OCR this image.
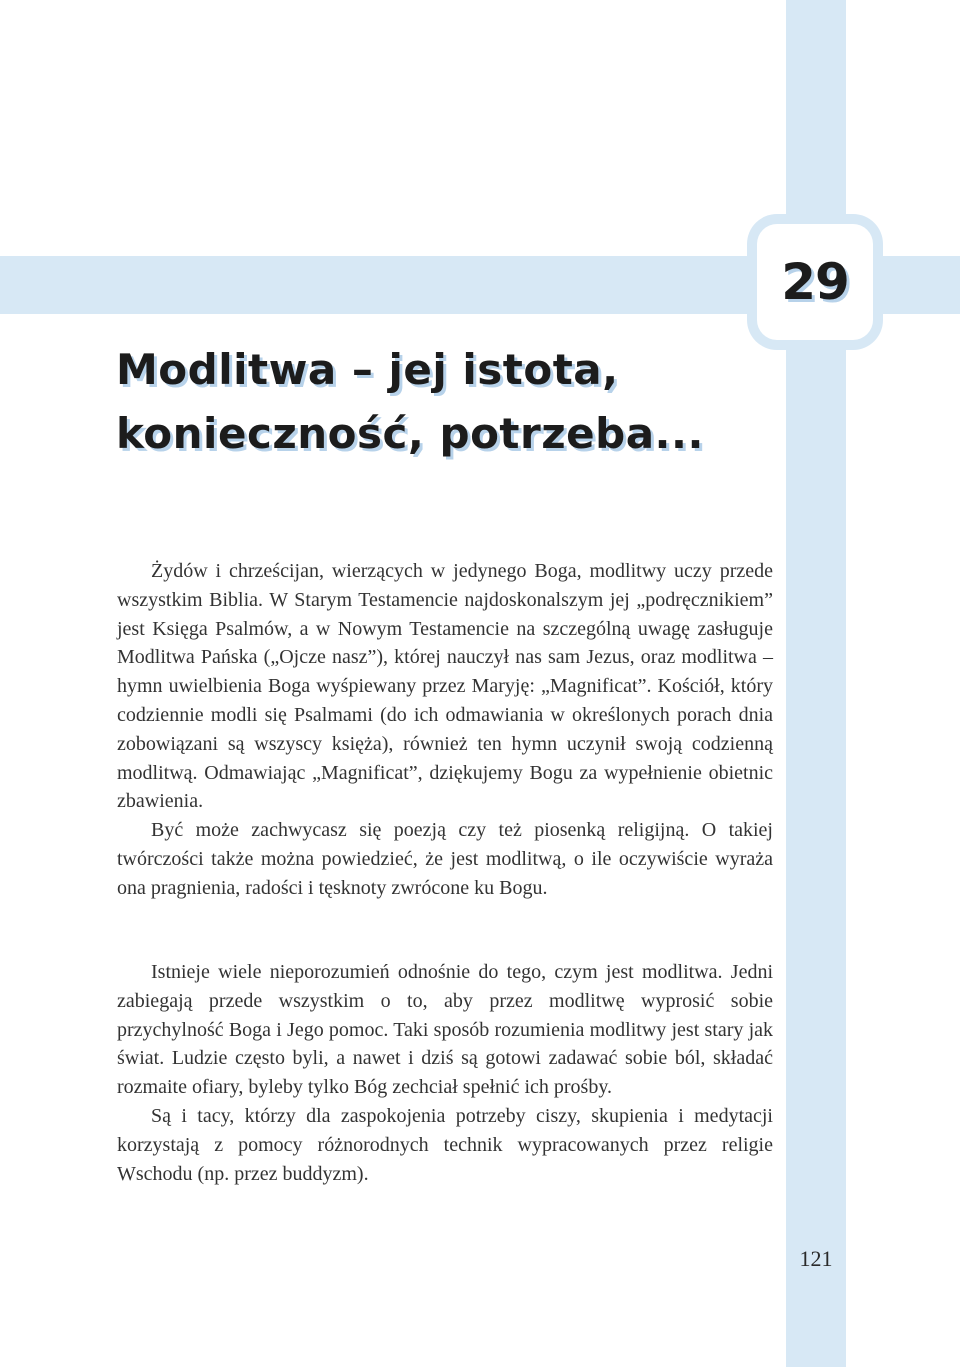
29
Modlitwa – jej istota,
konieczność, potrzeba...

Żydów i chrześcijan, wierzących w jedynego Boga, modlitwy uczy przede wszystkim Biblia. W Starym Testamencie najdoskonalszym jej „podręcznikiem” jest Księga Psalmów, a w Nowym Testamencie na szczególną uwagę zasługuje Modlitwa Pańska („Ojcze nasz”), której nauczył nas sam Jezus, oraz modlitwa – hymn uwielbienia Boga wyśpiewany przez Maryję: „Magnificat”. Kościół, który codziennie modli się Psalmami (do ich odmawiania w określonych porach dnia zobowiązani są wszyscy księża), również ten hymn uczynił swoją codzienną modlitwą. Odmawiając „Magnificat”, dziękujemy Bogu za wypełnienie obietnic zbawienia.

Być może zachwycasz się poezją czy też piosenką religijną. O takiej twórczości także można powiedzieć, że jest modlitwą, o ile oczywiście wyraża ona pragnienia, radości i tęsknoty zwrócone ku Bogu.

Istnieje wiele nieporozumień odnośnie do tego, czym jest modlitwa. Jedni zabiegają przede wszystkim o to, aby przez modlitwę wyprosić sobie przychylność Boga i Jego pomoc. Taki sposób rozumienia modlitwy jest stary jak świat. Ludzie często byli, a nawet i dziś są gotowi zadawać sobie ból, składać rozmaite ofiary, byleby tylko Bóg zechciał spełnić ich prośby.

Są i tacy, którzy dla zaspokojenia potrzeby ciszy, skupienia i medytacji korzystają z pomocy różnorodnych technik wypracowanych przez religie Wschodu (np. przez buddyzm).

121
